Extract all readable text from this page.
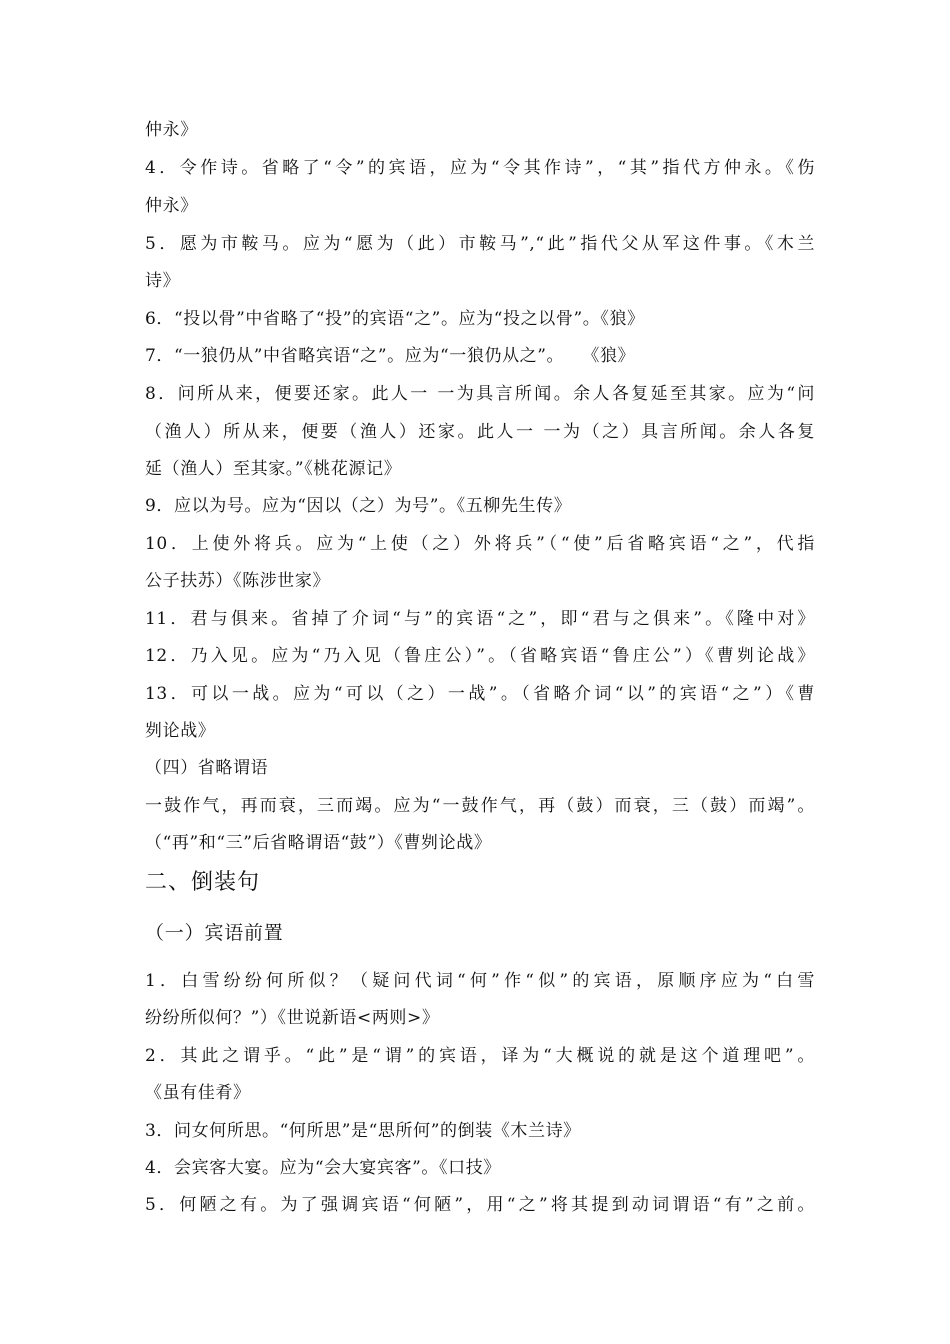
仲永》
4．令作诗。省略了“令”的宾语，应为“令其作诗”，“其”指代方仲永。《伤
仲永》
5．愿为市鞍马。应为“愿为（此）市鞍马”,“此”指代父从军这件事。《木兰
诗》
6．“投以骨”中省略了“投”的宾语“之”。应为“投之以骨”。《狼》
7．“一狼仍从”中省略宾语“之”。应为“一狼仍从之”。　　《狼》
8．问所从来，便要还家。此人一 一为具言所闻。余人各复延至其家。应为“问
（渔人）所从来，便要（渔人）还家。此人一 一为（之）具言所闻。余人各复
延（渔人）至其家。”《桃花源记》
9．应以为号。应为“因以（之）为号”。《五柳先生传》
10．上使外将兵。应为“上使（之）外将兵”（“使”后省略宾语“之”，代指
公子扶苏）《陈涉世家》
11．君与俱来。省掉了介词“与”的宾语“之”，即“君与之俱来”。《隆中对》
12．乃入见。应为“乃入见（鲁庄公）”。（省略宾语“鲁庄公”）《曹刿论战》
13．可以一战。应为“可以（之）一战”。（省略介词“以”的宾语“之”）《曹
刿论战》
（四）省略谓语
一鼓作气，再而衰，三而竭。应为“一鼓作气，再（鼓）而衰，三（鼓）而竭”。
（“再”和“三”后省略谓语“鼓”）《曹刿论战》
二、倒装句
（一）宾语前置
1．白雪纷纷何所似？（疑问代词“何”作“似”的宾语，原顺序应为“白雪
纷纷所似何？”）《世说新语<两则>》
2．其此之谓乎。“此”是“谓”的宾语，译为“大概说的就是这个道理吧”。
《虽有佳肴》
3．问女何所思。“何所思”是“思所何”的倒装《木兰诗》
4．会宾客大宴。应为“会大宴宾客”。《口技》
5．何陋之有。为了强调宾语“何陋”，用“之”将其提到动词谓语“有”之前。
